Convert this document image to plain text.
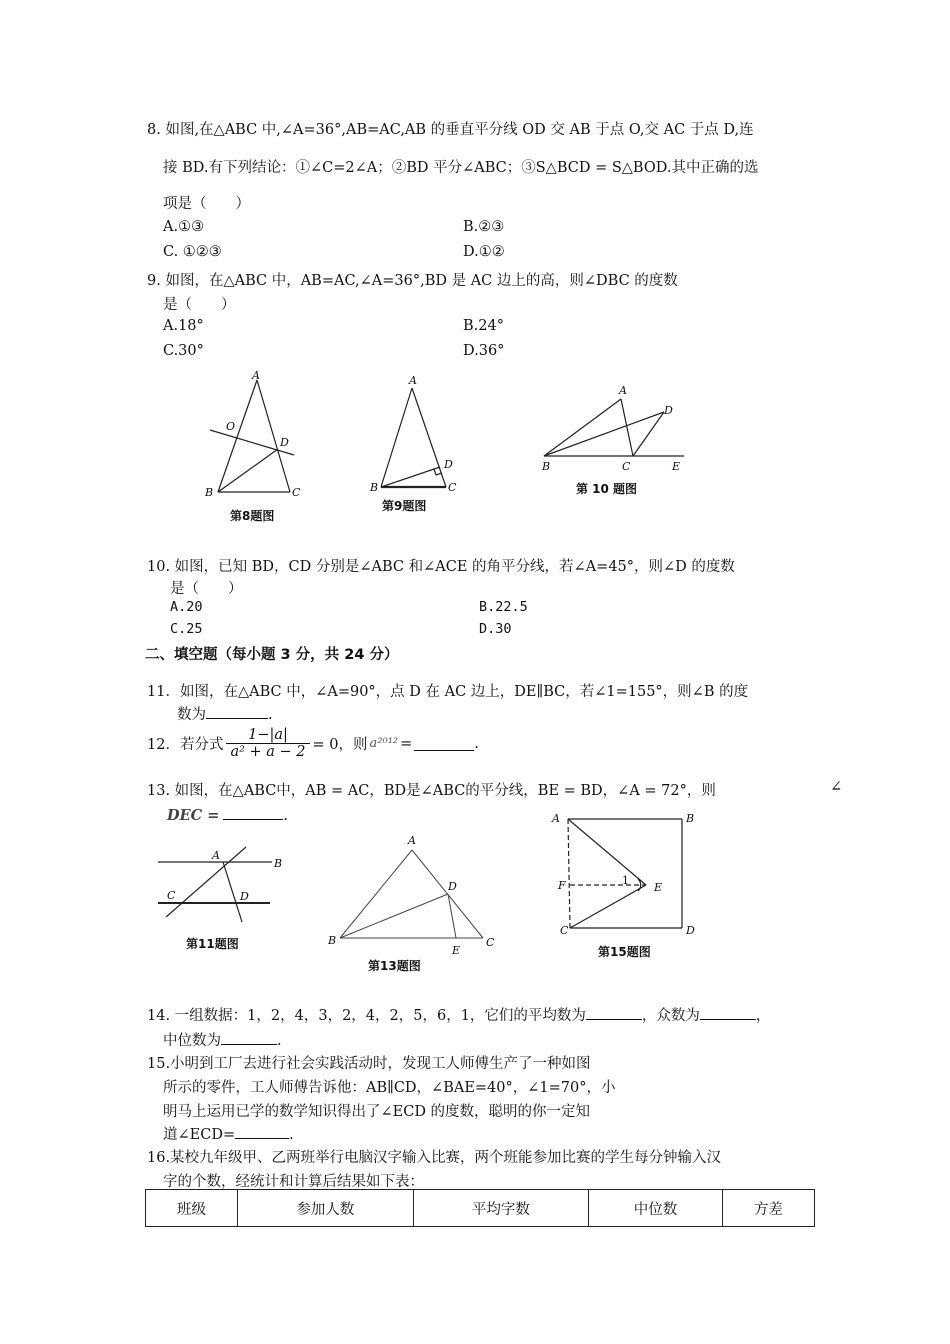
8. 如图,在△ABC 中,∠A=36°,AB=AC,AB 的垂直平分线 OD 交 AB 于点 O,交 AC 于点 D,连
接 BD.有下列结论：①∠C=2∠A；②BD 平分∠ABC；③S△BCD = S△BOD.其中正确的选
项是（　　）
A.①③	B.②③
C. ①②③	D.①②
9. 如图，在△ABC 中，AB=AC,∠A=36°,BD 是 AC 边上的高，则∠DBC 的度数
是（　　）
A.18°	B.24°
C.30°	D.36°
A
O
D
B	C
第8题图
A
D
B	C
第9题图
A
D
B	C	E
第 10 题图
10. 如图，已知 BD，CD 分别是∠ABC 和∠ACE 的角平分线，若∠A=45°，则∠D 的度数
是（　　）
A.20	B.22.5
C.25	D.30
二、填空题（每小题 3 分，共 24 分）
11．如图，在△ABC 中，∠A=90°，点 D 在 AC 边上，DE∥BC，若∠1=155°，则∠B 的度
数为	.
12．若分式 $\frac{1-|a|}{\text{a² + a − 2}} = 0$，则 a²⁰¹² =	.
13. 如图，在△ABC中，AB = AC，BD是∠ABC的平分线，BE = BD，∠A = 72°，则	∠
DEC =	.
A
B
C	D
第11题图
A
D
B
E
C
第13题图
A	B
F	1
E
C	D
第15题图
14. 一组数据：1，2，4，3，2，4，2，5，6，1，它们的平均数为	，众数为	，
中位数为	.
15.小明到工厂去进行社会实践活动时，发现工人师傅生产了一种如图
所示的零件，工人师傅告诉他：AB∥CD，∠BAE=40°，∠1=70°，小
明马上运用已学的数学知识得出了∠ECD 的度数，聪明的你一定知
道∠ECD=	.
16.某校九年级甲、乙两班举行电脑汉字输入比赛，两个班能参加比赛的学生每分钟输入汉
字的个数，经统计和计算后结果如下表：
班级	参加人数	平均字数	中位数	方差
